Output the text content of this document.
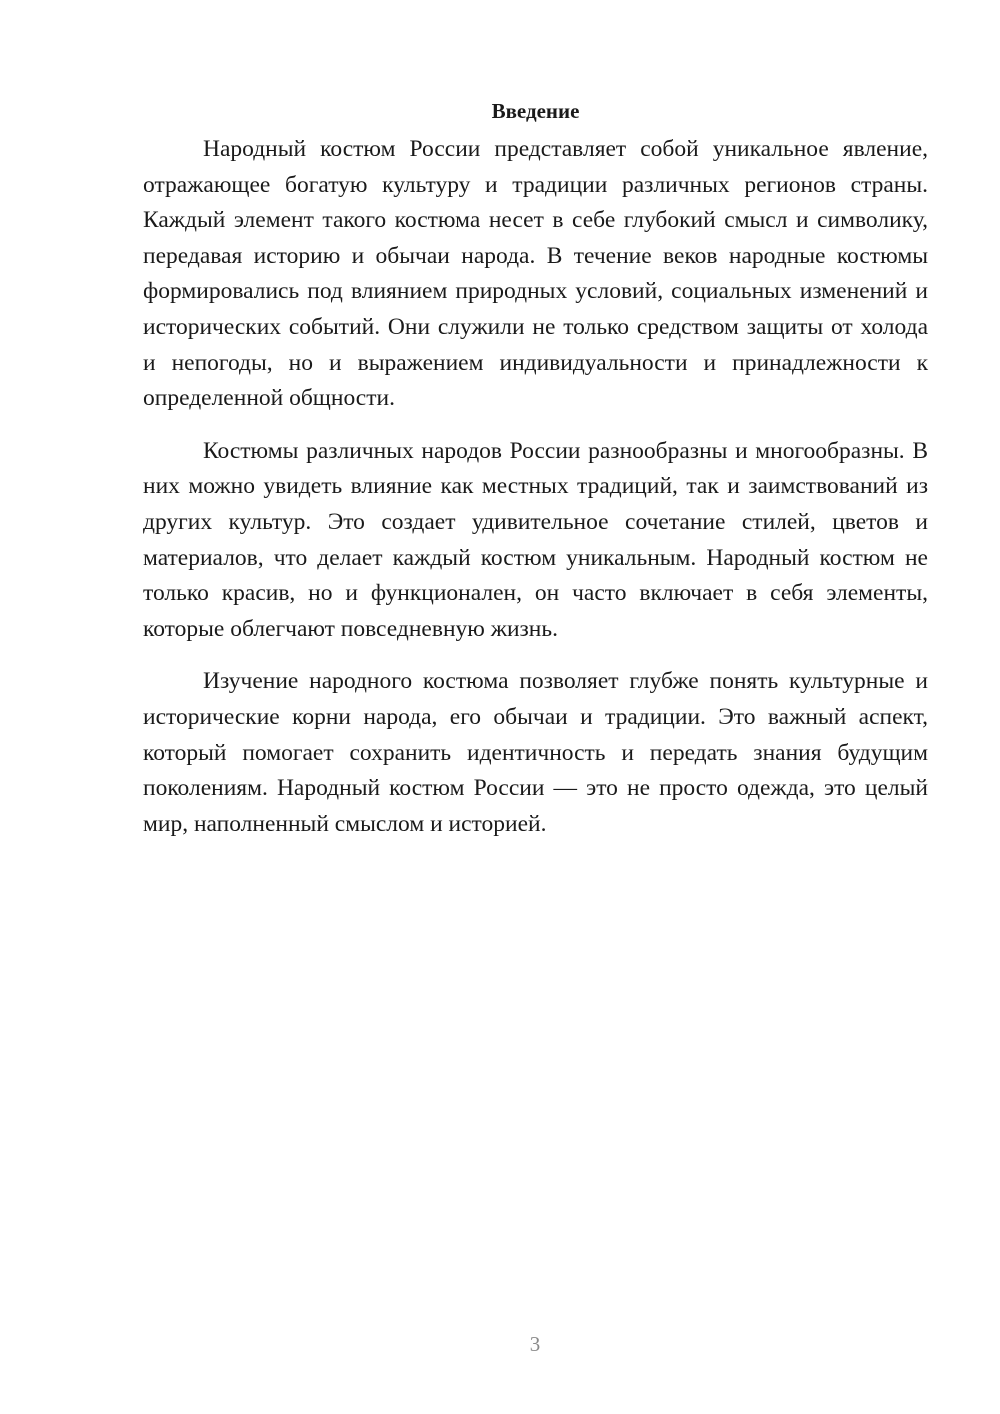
Введение

Народный костюм России представляет собой уникальное явление, отражающее богатую культуру и традиции различных регионов страны. Каждый элемент такого костюма несет в себе глубокий смысл и символику, передавая историю и обычаи народа. В течение веков народные костюмы формировались под влиянием природных условий, социальных изменений и исторических событий. Они служили не только средством защиты от холода и непогоды, но и выражением индивидуальности и принадлежности к определенной общности.

Костюмы различных народов России разнообразны и многообразны. В них можно увидеть влияние как местных традиций, так и заимствований из других культур. Это создает удивительное сочетание стилей, цветов и материалов, что делает каждый костюм уникальным. Народный костюм не только красив, но и функционален, он часто включает в себя элементы, которые облегчают повседневную жизнь.

Изучение народного костюма позволяет глубже понять культурные и исторические корни народа, его обычаи и традиции. Это важный аспект, который помогает сохранить идентичность и передать знания будущим поколениям. Народный костюм России — это не просто одежда, это целый мир, наполненный смыслом и историей.

3
